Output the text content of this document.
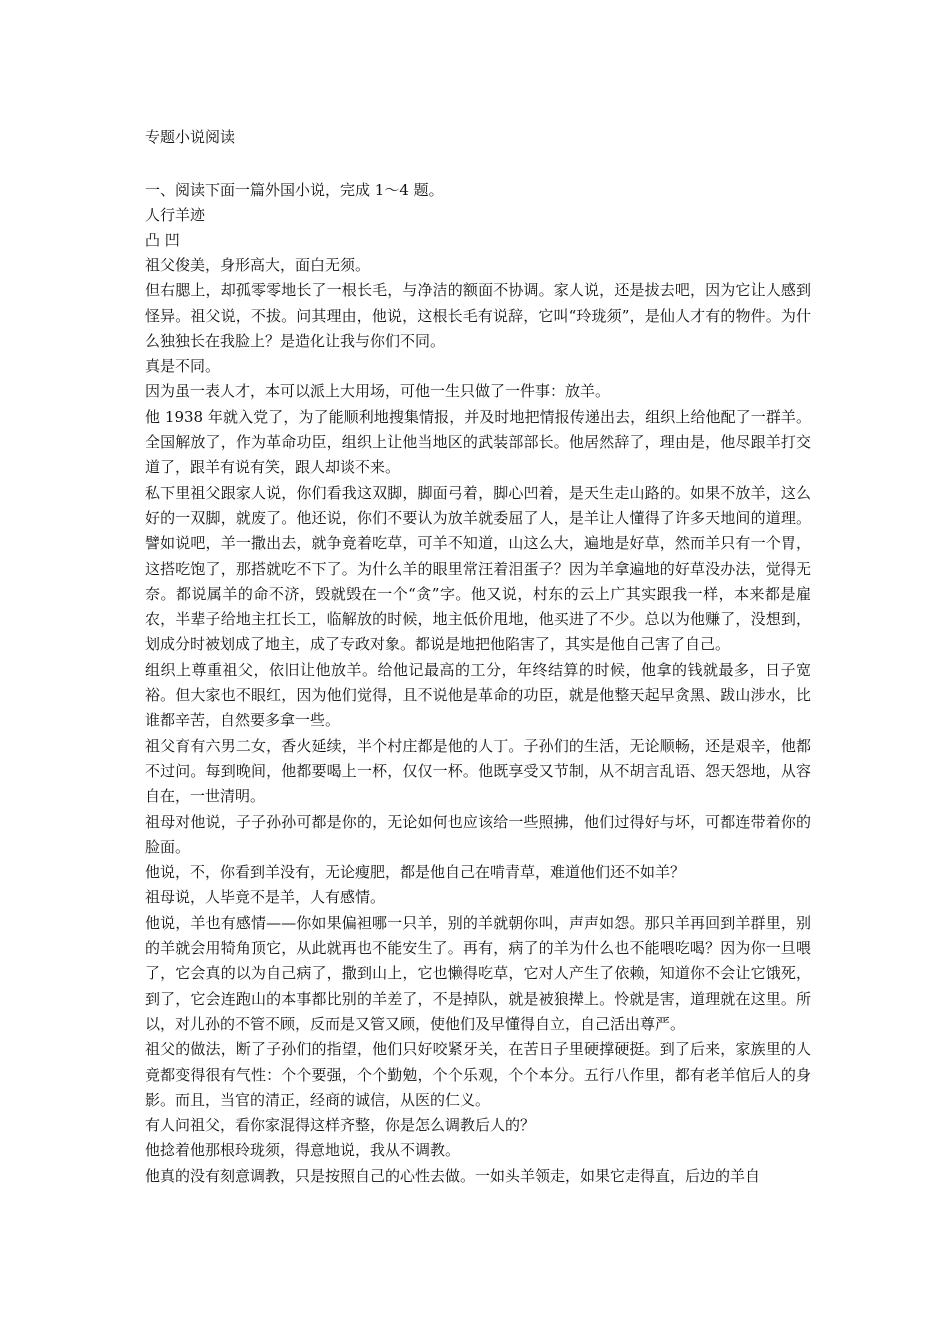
专题小说阅读

一、阅读下面一篇外国小说，完成 1～4 题。

人行羊迹

凸 凹

祖父俊美，身形高大，面白无须。

但右腮上，却孤零零地长了一根长毛，与净洁的额面不协调。家人说，还是拔去吧，因为它让人感到怪异。祖父说，不拔。问其理由，他说，这根长毛有说辞，它叫“玲珑须”，是仙人才有的物件。为什么独独长在我脸上？是造化让我与你们不同。

真是不同。

因为虽一表人才，本可以派上大用场，可他一生只做了一件事：放羊。

他 1938 年就入党了，为了能顺利地搜集情报，并及时地把情报传递出去，组织上给他配了一群羊。全国解放了，作为革命功臣，组织上让他当地区的武装部部长。他居然辞了，理由是，他尽跟羊打交道了，跟羊有说有笑，跟人却谈不来。

私下里祖父跟家人说，你们看我这双脚，脚面弓着，脚心凹着，是天生走山路的。如果不放羊，这么好的一双脚，就废了。他还说，你们不要认为放羊就委屈了人，是羊让人懂得了许多天地间的道理。譬如说吧，羊一撒出去，就争竟着吃草，可羊不知道，山这么大，遍地是好草，然而羊只有一个胃，这搭吃饱了，那搭就吃不下了。为什么羊的眼里常汪着泪蛋子？因为羊拿遍地的好草没办法，觉得无奈。都说属羊的命不济，毁就毁在一个“贪”字。他又说，村东的云上广其实跟我一样，本来都是雇农，半辈子给地主扛长工，临解放的时候，地主低价甩地，他买进了不少。总以为他赚了，没想到，划成分时被划成了地主，成了专政对象。都说是地把他陷害了，其实是他自己害了自己。

组织上尊重祖父，依旧让他放羊。给他记最高的工分，年终结算的时候，他拿的钱就最多，日子宽裕。但大家也不眼红，因为他们觉得，且不说他是革命的功臣，就是他整天起早贪黑、跋山涉水，比谁都辛苦，自然要多拿一些。

祖父育有六男二女，香火延续，半个村庄都是他的人丁。子孙们的生活，无论顺畅，还是艰辛，他都不过问。每到晚间，他都要喝上一杯，仅仅一杯。他既享受又节制，从不胡言乱语、怨天怨地，从容自在，一世清明。

祖母对他说，子子孙孙可都是你的，无论如何也应该给一些照拂，他们过得好与坏，可都连带着你的脸面。

他说，不，你看到羊没有，无论瘦肥，都是他自己在啃青草，难道他们还不如羊？

祖母说，人毕竟不是羊，人有感情。

他说，羊也有感情——你如果偏袒哪一只羊，别的羊就朝你叫，声声如怨。那只羊再回到羊群里，别的羊就会用犄角顶它，从此就再也不能安生了。再有，病了的羊为什么也不能喂吃喝？因为你一旦喂了，它会真的以为自己病了，撒到山上，它也懒得吃草，它对人产生了依赖，知道你不会让它饿死，到了，它会连跑山的本事都比别的羊差了，不是掉队，就是被狼撵上。怜就是害，道理就在这里。所以，对儿孙的不管不顾，反而是又管又顾，使他们及早懂得自立，自己活出尊严。

祖父的做法，断了子孙们的指望，他们只好咬紧牙关，在苦日子里硬撑硬挺。到了后来，家族里的人竟都变得很有气性：个个要强，个个勤勉，个个乐观，个个本分。五行八作里，都有老羊倌后人的身影。而且，当官的清正，经商的诚信，从医的仁义。

有人问祖父，看你家混得这样齐整，你是怎么调教后人的？

他捻着他那根玲珑须，得意地说，我从不调教。

他真的没有刻意调教，只是按照自己的心性去做。一如头羊领走，如果它走得直，后边的羊自
